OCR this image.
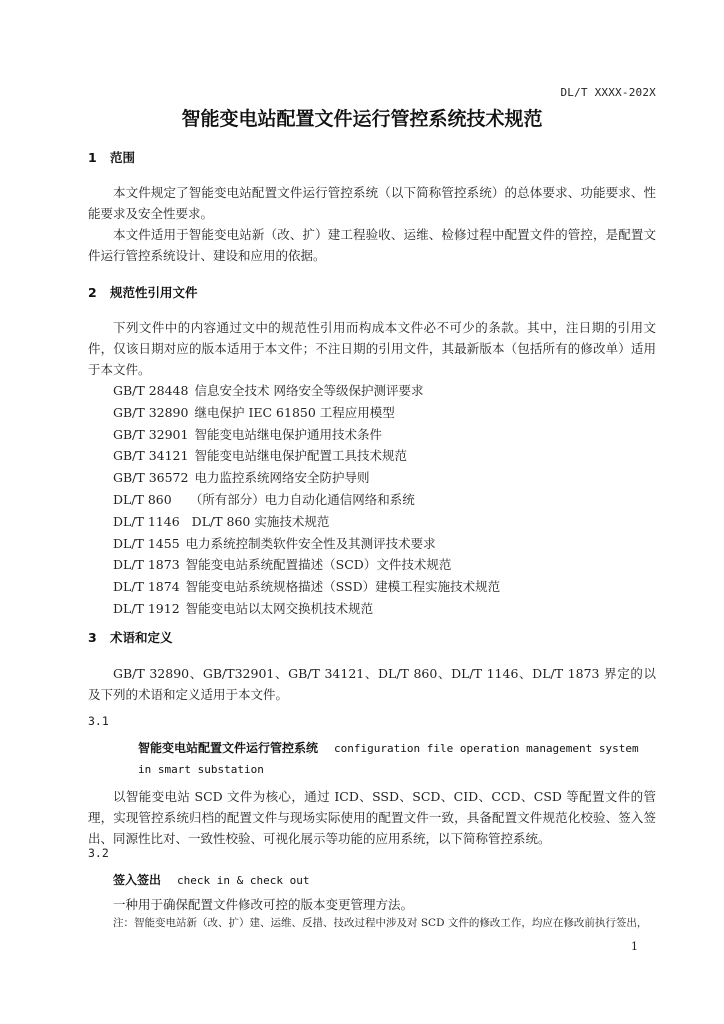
DL/T XXXX-202X
智能变电站配置文件运行管控系统技术规范
1 范围

本文件规定了智能变电站配置文件运行管控系统（以下简称管控系统）的总体要求、功能要求、性能要求及安全性要求。

本文件适用于智能变电站新（改、扩）建工程验收、运维、检修过程中配置文件的管控，是配置文件运行管控系统设计、建设和应用的依据。

2 规范性引用文件

下列文件中的内容通过文中的规范性引用而构成本文件必不可少的条款。其中，注日期的引用文件，仅该日期对应的版本适用于本文件；不注日期的引用文件，其最新版本（包括所有的修改单）适用于本文件。

GB/T 28448 信息安全技术 网络安全等级保护测评要求
GB/T 32890 继电保护 IEC 61850 工程应用模型
GB/T 32901 智能变电站继电保护通用技术条件
GB/T 34121 智能变电站继电保护配置工具技术规范
GB/T 36572 电力监控系统网络安全防护导则
DL/T 860 （所有部分）电力自动化通信网络和系统
DL/T 1146 DL/T 860 实施技术规范
DL/T 1455 电力系统控制类软件安全性及其测评技术要求
DL/T 1873 智能变电站系统配置描述（SCD）文件技术规范
DL/T 1874 智能变电站系统规格描述（SSD）建模工程实施技术规范
DL/T 1912 智能变电站以太网交换机技术规范
3 术语和定义

GB/T 32890、GB/T32901、GB/T 34121、DL/T 860、DL/T 1146、DL/T 1873 界定的以及下列的术语和定义适用于本文件。

3.1
智能变电站配置文件运行管控系统 configuration file operation management system in smart substation

以智能变电站 SCD 文件为核心，通过 ICD、SSD、SCD、CID、CCD、CSD 等配置文件的管理，实现管控系统归档的配置文件与现场实际使用的配置文件一致，具备配置文件规范化校验、签入签出、同源性比对、一致性校验、可视化展示等功能的应用系统，以下简称管控系统。

3.2
签入签出 check in & check out

一种用于确保配置文件修改可控的版本变更管理方法。

注：智能变电站新（改、扩）建、运维、反措、技改过程中涉及对 SCD 文件的修改工作，均应在修改前执行签出，
1
